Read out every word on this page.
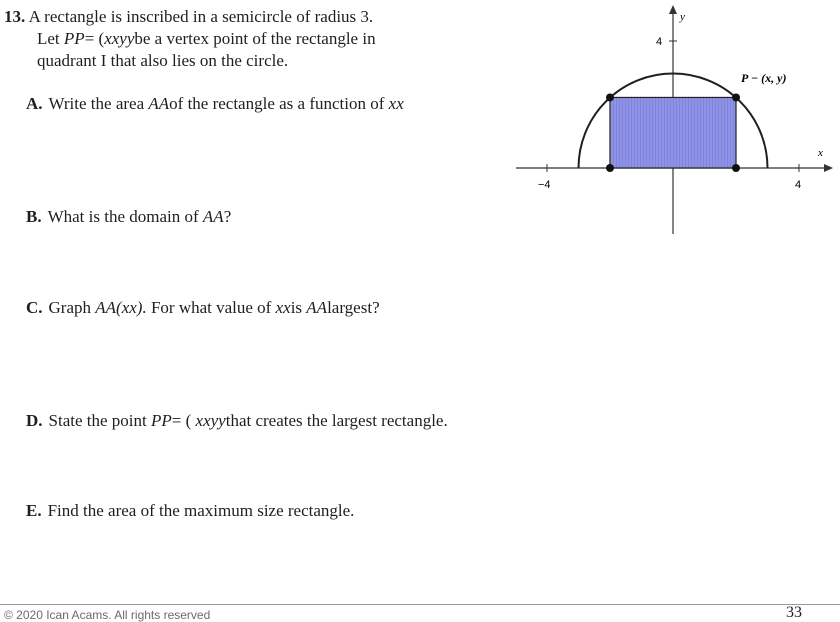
13. A rectangle is inscribed in a semicircle of radius 3.
Let PP= (xxyybe a vertex point of the rectangle in
quadrant I that also lies on the circle.
A. Write the area AAof the rectangle as a function of xx
B. What is the domain of AA?
C. Graph AA(xx). For what value of xxis AAlargest?
D. State the point PP= ( xxyythat creates the largest rectangle.
E. Find the area of the maximum size rectangle.
y
x
4
−4	4
P − (x, y)
© 2020 Ican Acams. All rights reserved	33
